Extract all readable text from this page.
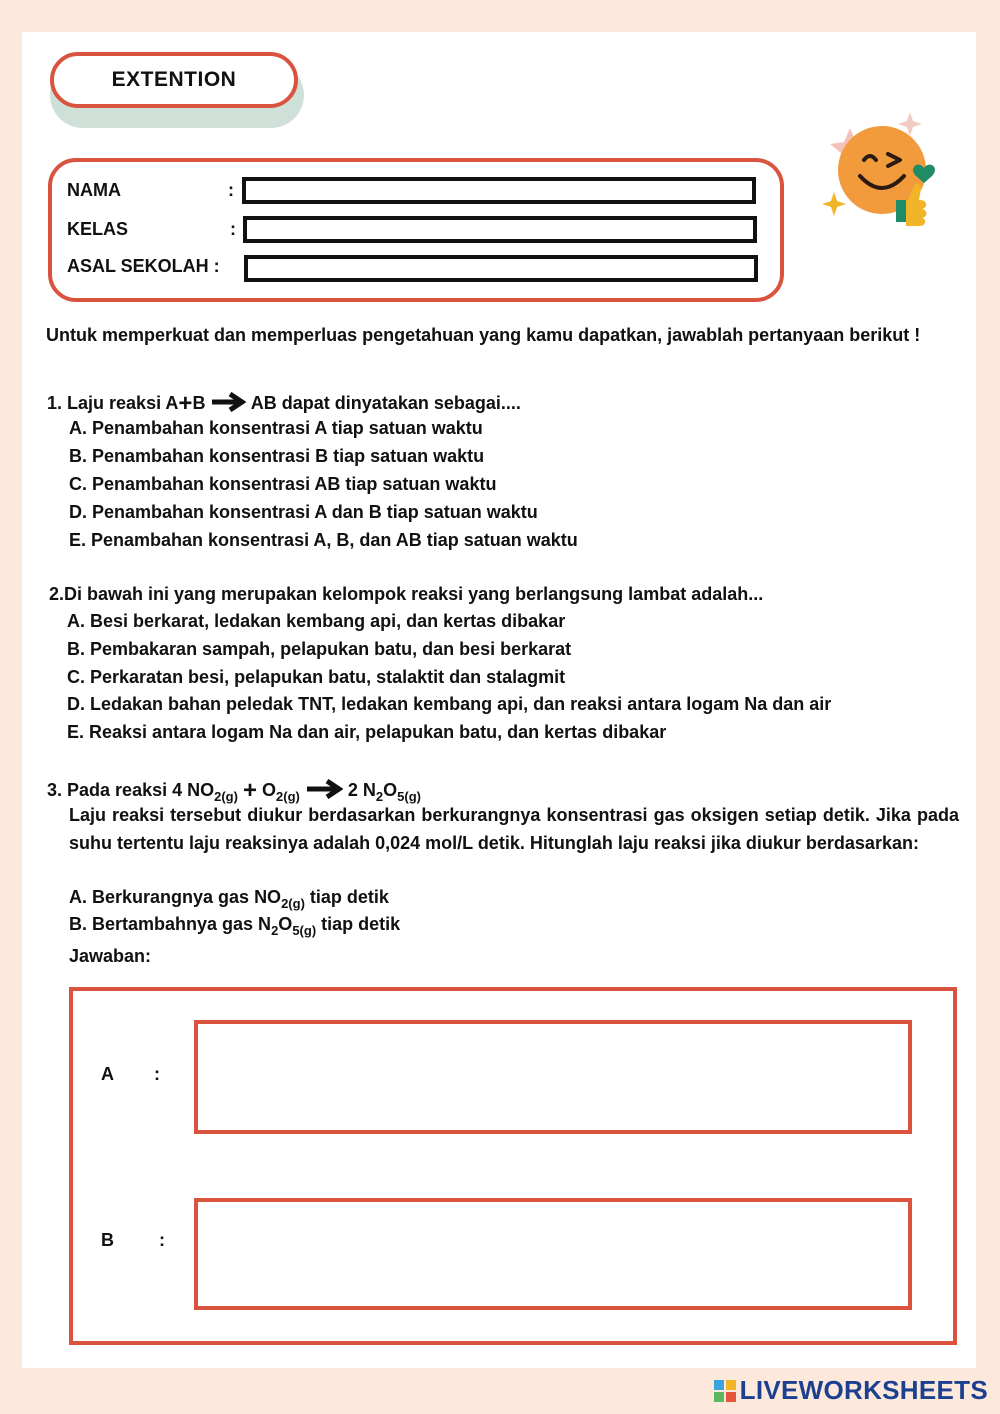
EXTENTION
NAMA	:
KELAS	:
ASAL SEKOLAH :
Untuk memperkuat dan memperluas pengetahuan yang kamu dapatkan, jawablah pertanyaan berikut !
1. Laju reaksi A+B	AB dapat dinyatakan sebagai....
A. Penambahan konsentrasi A tiap satuan waktu
B. Penambahan konsentrasi B tiap satuan waktu
C. Penambahan konsentrasi AB tiap satuan waktu
D. Penambahan konsentrasi A dan B tiap satuan waktu
E. Penambahan konsentrasi A, B, dan AB tiap satuan waktu
2.Di bawah ini yang merupakan kelompok reaksi yang berlangsung lambat adalah...
A. Besi berkarat, ledakan kembang api, dan kertas dibakar
B. Pembakaran sampah, pelapukan batu, dan besi berkarat
C. Perkaratan besi, pelapukan batu, stalaktit dan stalagmit
D. Ledakan bahan peledak TNT, ledakan kembang api, dan reaksi antara logam Na dan air
E. Reaksi antara logam Na dan air, pelapukan batu, dan kertas dibakar
3. Pada reaksi 4 $NO_{2(g)} + O_{2(g)}$	2 $N_2O_{5(g)}$
Laju reaksi tersebut diukur berdasarkan berkurangnya konsentrasi gas oksigen setiap detik. Jika pada suhu tertentu laju reaksinya adalah 0,024 mol/L detik. Hitunglah laju reaksi jika diukur berdasarkan:
A. Berkurangnya gas $NO_{2(g)}$ tiap detik
B. Bertambahnya gas $N_2O_{5(g)}$ tiap detik
Jawaban:
A :
B	:
LIVEWORKSHEETS
